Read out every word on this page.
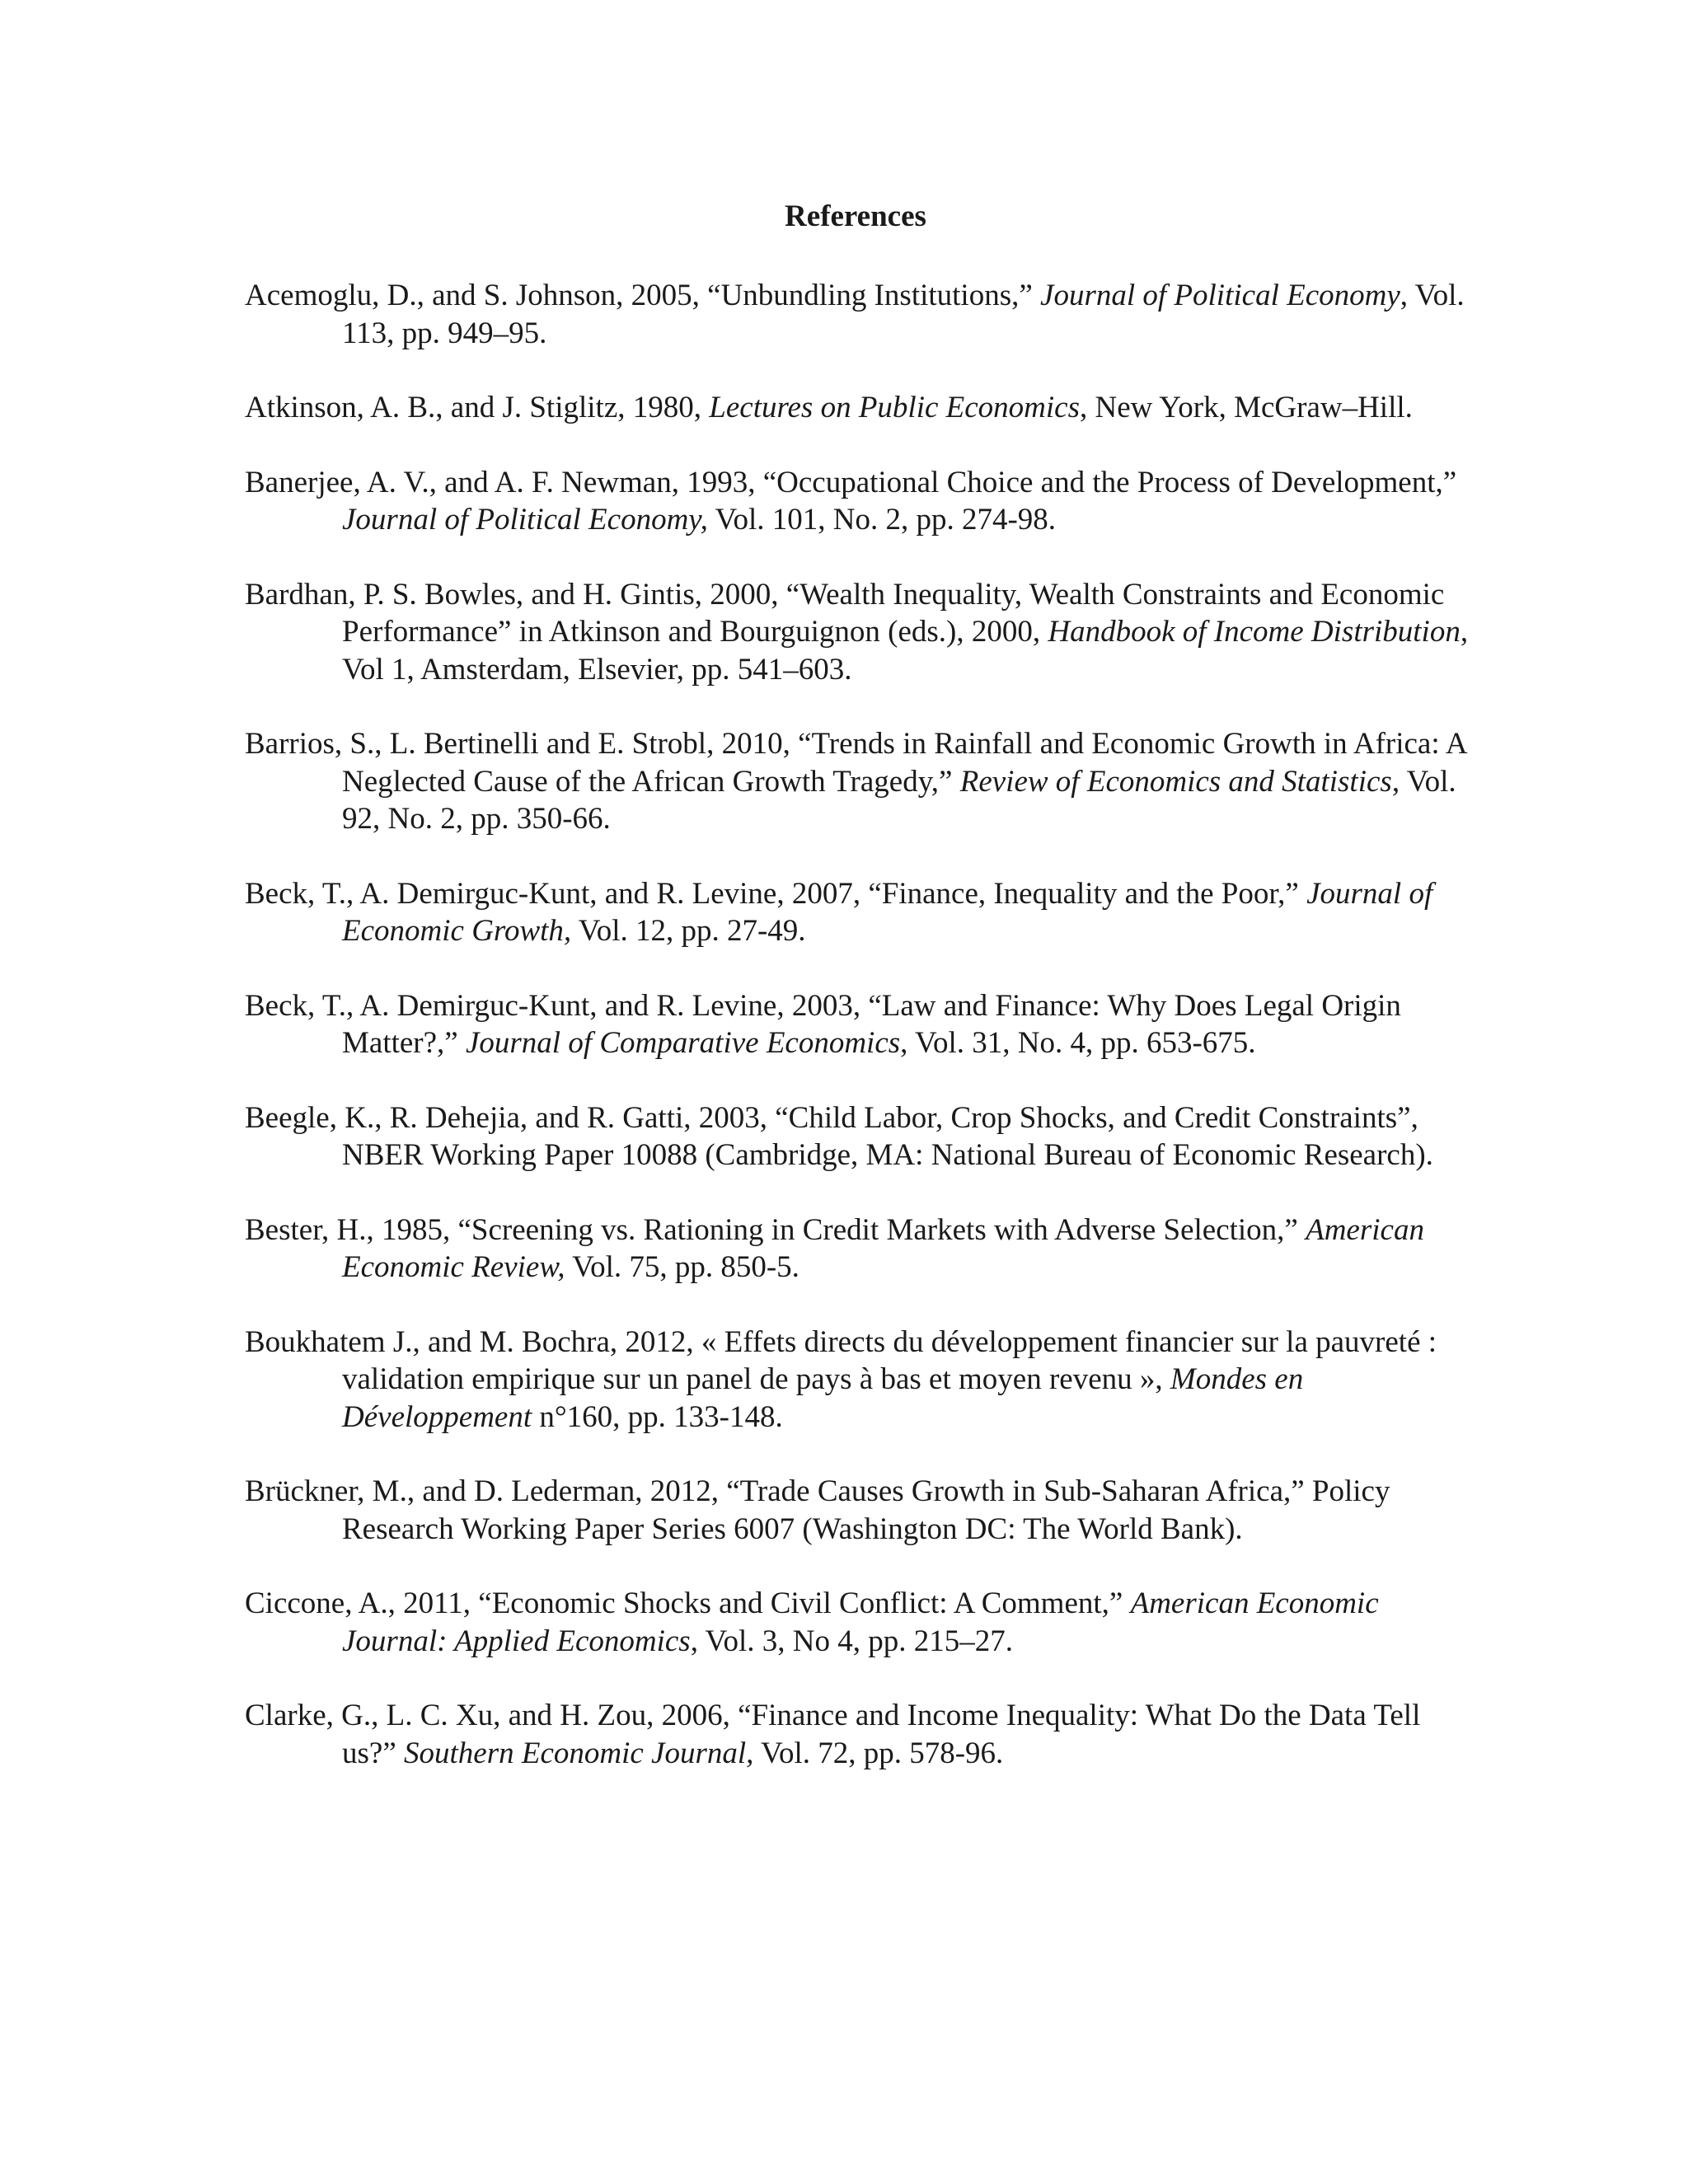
References

Acemoglu, D., and S. Johnson, 2005, “Unbundling Institutions,” Journal of Political Economy, Vol. 113, pp. 949–95.

Atkinson, A. B., and J. Stiglitz, 1980, Lectures on Public Economics, New York, McGraw–Hill.

Banerjee, A. V., and A. F. Newman, 1993, “Occupational Choice and the Process of Development,” Journal of Political Economy, Vol. 101, No. 2, pp. 274-98.

Bardhan, P. S. Bowles, and H. Gintis, 2000, “Wealth Inequality, Wealth Constraints and Economic Performance” in Atkinson and Bourguignon (eds.), 2000, Handbook of Income Distribution, Vol 1, Amsterdam, Elsevier, pp. 541–603.

Barrios, S., L. Bertinelli and E. Strobl, 2010, “Trends in Rainfall and Economic Growth in Africa: A Neglected Cause of the African Growth Tragedy,” Review of Economics and Statistics, Vol. 92, No. 2, pp. 350-66.

Beck, T., A. Demirguc-Kunt, and R. Levine, 2007, “Finance, Inequality and the Poor,” Journal of Economic Growth, Vol. 12, pp. 27-49.

Beck, T., A. Demirguc-Kunt, and R. Levine, 2003, “Law and Finance: Why Does Legal Origin Matter?,” Journal of Comparative Economics, Vol. 31, No. 4, pp. 653-675.

Beegle, K., R. Dehejia, and R. Gatti, 2003, “Child Labor, Crop Shocks, and Credit Constraints”, NBER Working Paper 10088 (Cambridge, MA: National Bureau of Economic Research).

Bester, H., 1985, “Screening vs. Rationing in Credit Markets with Adverse Selection,” American Economic Review, Vol. 75, pp. 850-5.

Boukhatem J., and M. Bochra, 2012, « Effets directs du développement financier sur la pauvreté : validation empirique sur un panel de pays à bas et moyen revenu », Mondes en Développement n°160, pp. 133-148.

Brückner, M., and D. Lederman, 2012, “Trade Causes Growth in Sub-Saharan Africa,” Policy Research Working Paper Series 6007 (Washington DC: The World Bank).

Ciccone, A., 2011, “Economic Shocks and Civil Conflict: A Comment,” American Economic Journal: Applied Economics, Vol. 3, No 4, pp. 215–27.

Clarke, G., L. C. Xu, and H. Zou, 2006, “Finance and Income Inequality: What Do the Data Tell us?” Southern Economic Journal, Vol. 72, pp. 578-96.
